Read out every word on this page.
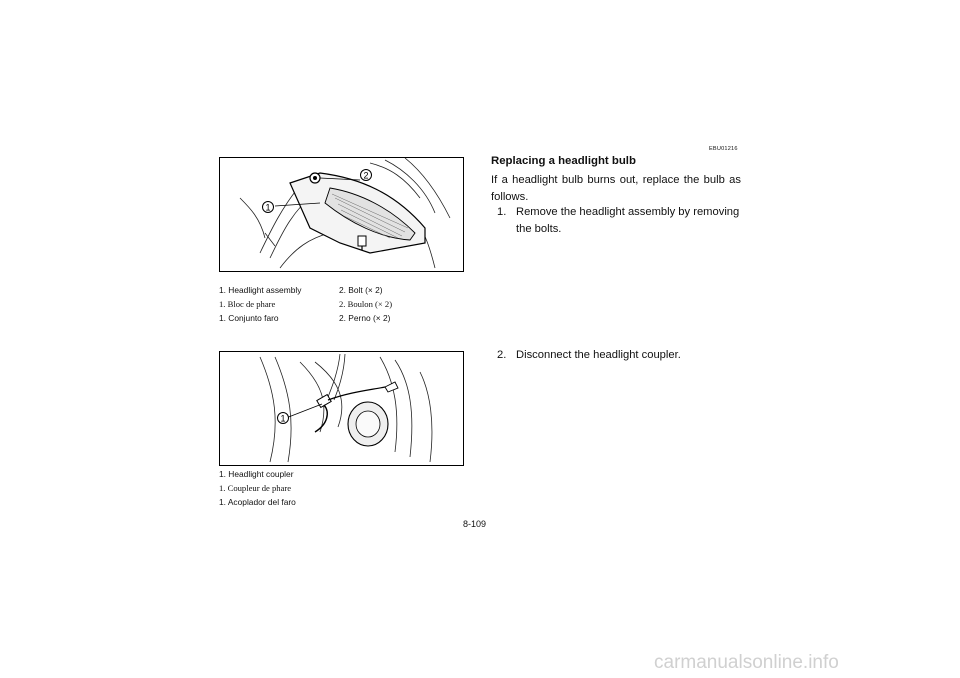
1
2
1. Headlight assembly	2. Bolt (× 2)
1. Bloc de phare	2. Boulon (× 2)
1. Conjunto faro	2. Perno (× 2)
1
1. Headlight coupler
1. Coupleur de phare
1. Acoplador del faro
EBU01216
Replacing a headlight bulb
If a headlight bulb burns out, replace the bulb as follows.
1. Remove the headlight assembly by removing the bolts.
2. Disconnect the headlight coupler.
8-109
carmanualsonline.info
